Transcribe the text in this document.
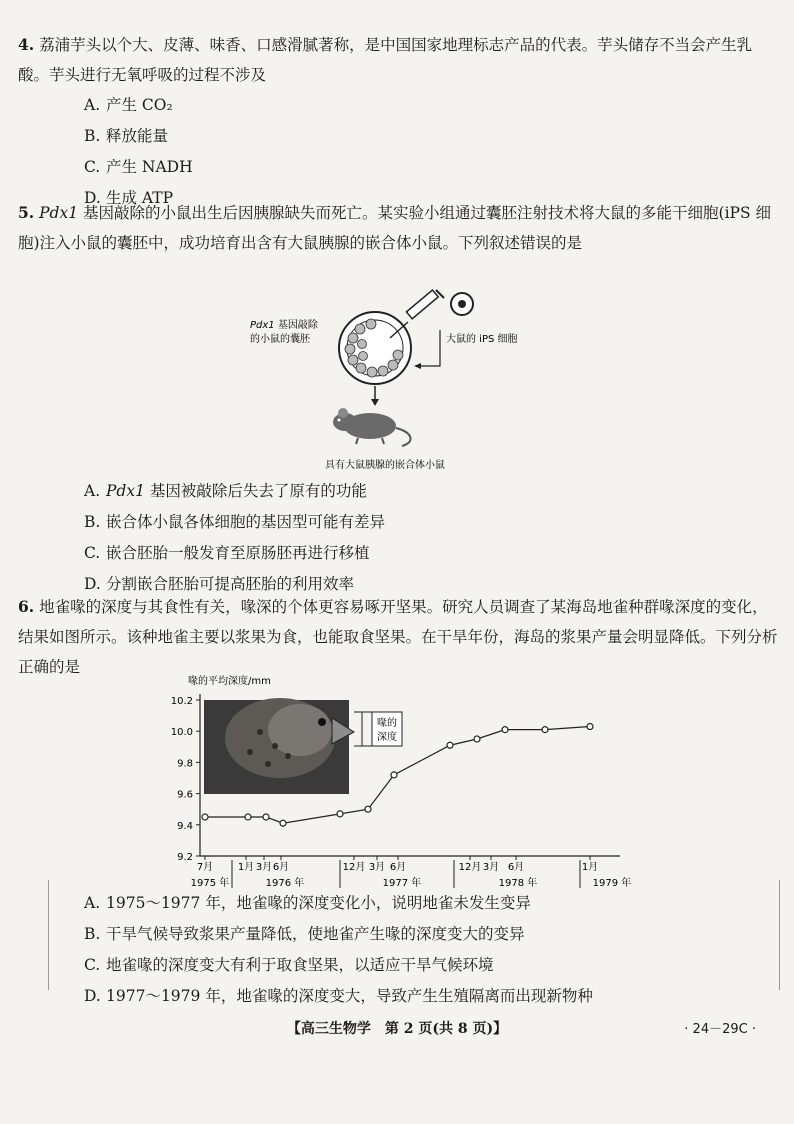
4. 荔浦芋头以个大、皮薄、味香、口感滑腻著称，是中国国家地理标志产品的代表。芋头储存不当会产生乳酸。芋头进行无氧呼吸的过程不涉及
A. 产生 CO₂
B. 释放能量
C. 产生 NADH
D. 生成 ATP
5. Pdx1 基因敲除的小鼠出生后因胰腺缺失而死亡。某实验小组通过囊胚注射技术将大鼠的多能干细胞(iPS 细胞)注入小鼠的囊胚中，成功培育出含有大鼠胰腺的嵌合体小鼠。下列叙述错误的是
Pdx1 基因敲除
的小鼠的囊胚	大鼠的 iPS 细胞
具有大鼠胰腺的嵌合体小鼠
A. Pdx1 基因被敲除后失去了原有的功能
B. 嵌合体小鼠各体细胞的基因型可能有差异
C. 嵌合胚胎一般发育至原肠胚再进行移植
D. 分割嵌合胚胎可提高胚胎的利用效率
6. 地雀喙的深度与其食性有关，喙深的个体更容易啄开坚果。研究人员调查了某海岛地雀种群喙深度的变化，结果如图所示。该种地雀主要以浆果为食，也能取食坚果。在干旱年份，海岛的浆果产量会明显降低。下列分析正确的是
喙的平均深度/mm
9.2
9.4
9.6
9.8
10.0
10.2
7月 1月 3月 6月	12月 3月 6月	12月 3月 6月	1月
1975 年	1976 年	1977 年	1978 年	1979 年
喙的
深度
A. 1975～1977 年，地雀喙的深度变化小，说明地雀未发生变异
B. 干旱气候导致浆果产量降低，使地雀产生喙的深度变大的变异
C. 地雀喙的深度变大有利于取食坚果，以适应干旱气候环境
D. 1977～1979 年，地雀喙的深度变大，导致产生生殖隔离而出现新物种
【高三生物学　第 2 页(共 8 页)】	· 24－29C ·
